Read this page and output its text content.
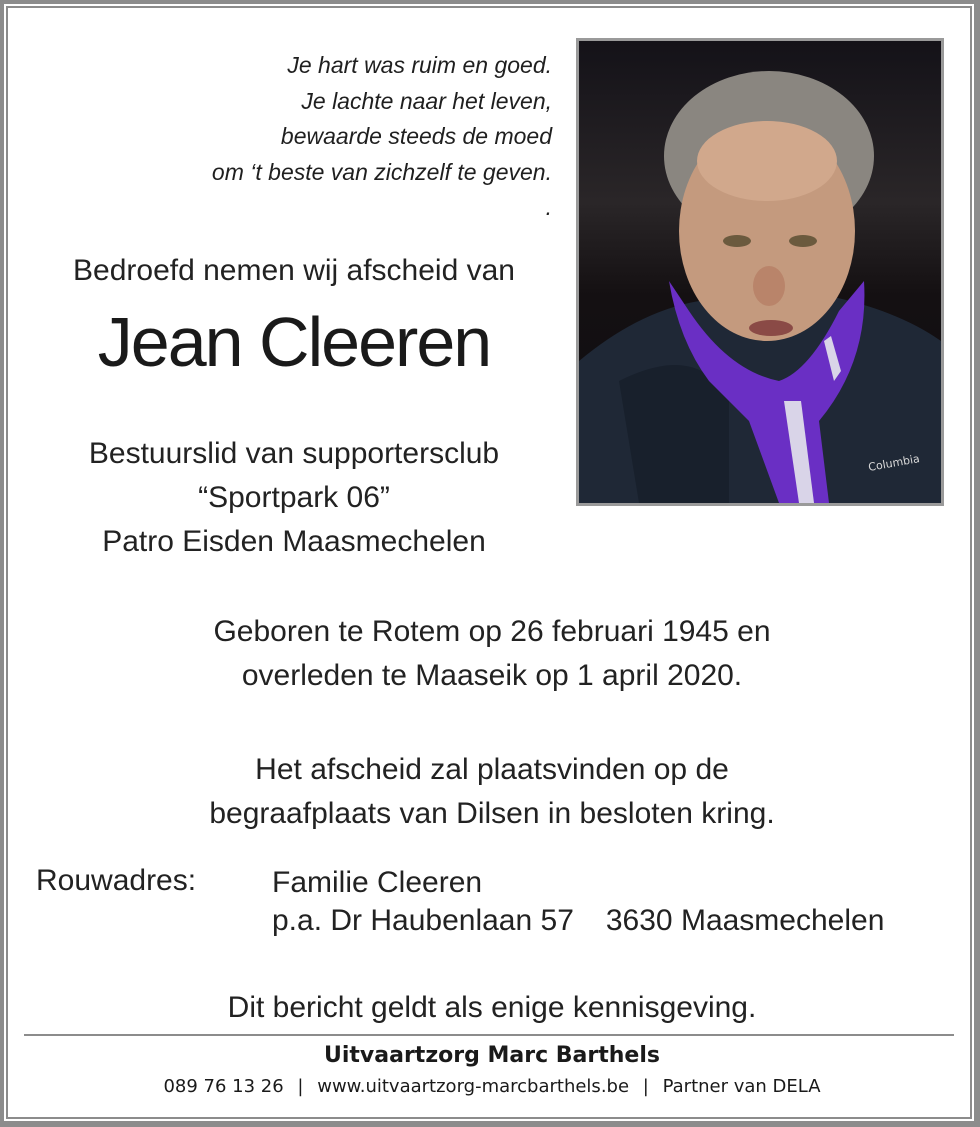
Je hart was ruim en goed.
Je lachte naar het leven,
bewaarde steeds de moed
om ‘t beste van zichzelf te geven.
.
Columbia
Bedroefd nemen wij afscheid van
Jean Cleeren
Bestuurslid van supportersclub
“Sportpark 06”
Patro Eisden Maasmechelen
Geboren te Rotem op 26 februari 1945 en
overleden te Maaseik op 1 april 2020.
Het afscheid zal plaatsvinden op de
begraafplaats van Dilsen in besloten kring.
Rouwadres:	Familie Cleeren
p.a. Dr Haubenlaan 57 3630 Maasmechelen
Dit bericht geldt als enige kennisgeving.
Uitvaartzorg Marc Barthels
089 76 13 26 | www.uitvaartzorg-marcbarthels.be | Partner van DELA
